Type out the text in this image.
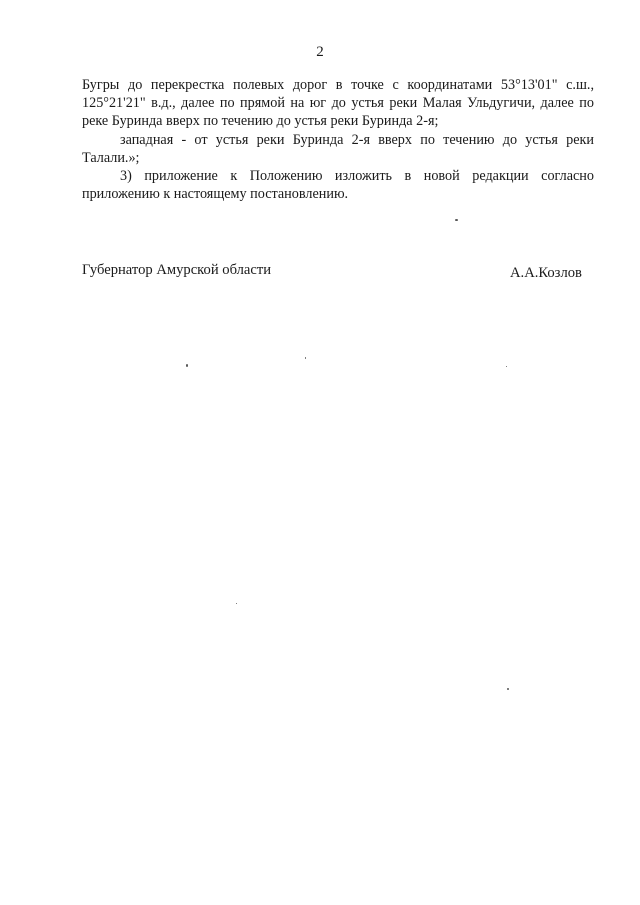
2

Бугры до перекрестка полевых дорог в точке с координатами 53°13'01" с.ш., 125°21'21" в.д., далее по прямой на юг до устья реки Малая Ульдугичи, далее по реке Буринда вверх по течению до устья реки Буринда 2-я;

западная - от устья реки Буринда 2-я вверх по течению до устья реки Талали.»;

3) приложение к Положению изложить в новой редакции согласно приложению к настоящему постановлению.

Губернатор Амурской области	А.А.Козлов
